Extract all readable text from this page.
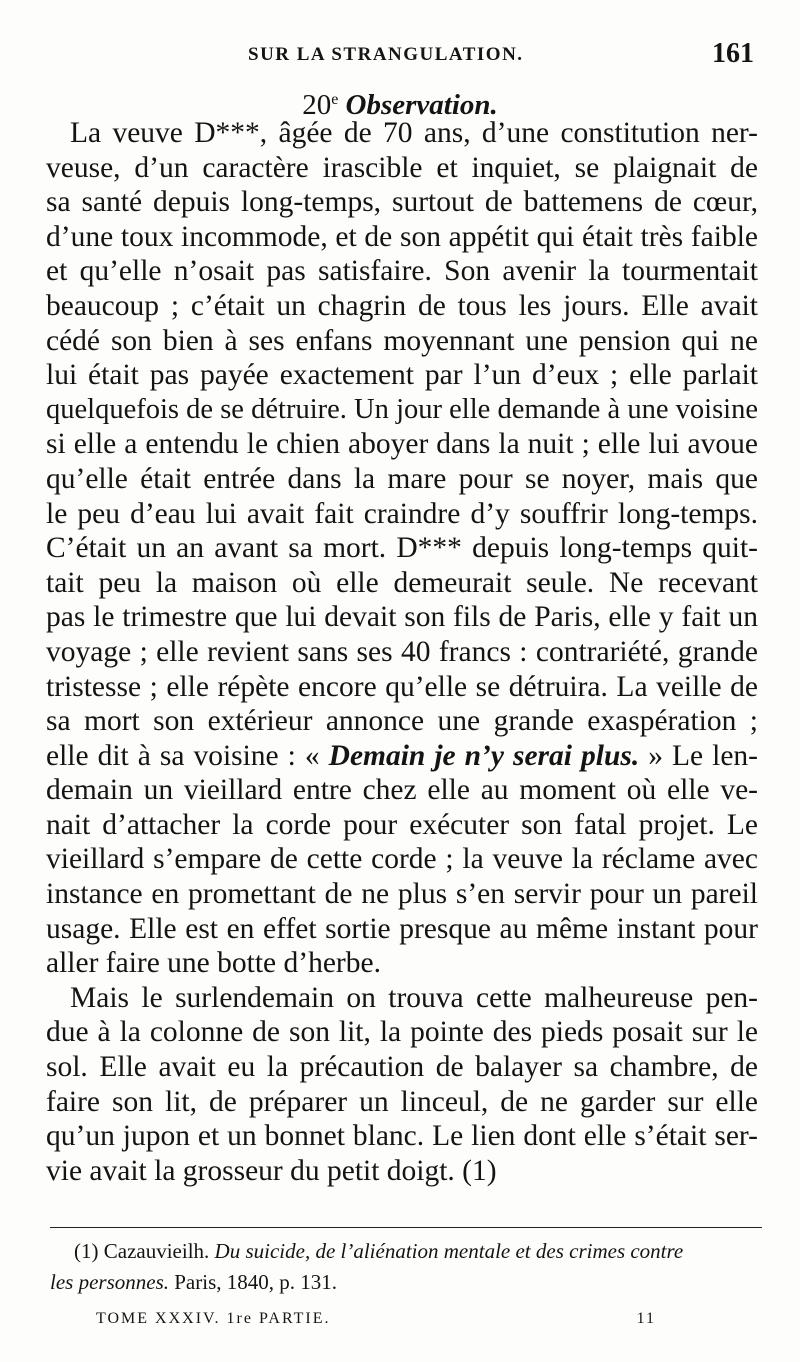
SUR LA STRANGULATION.	161
20e Observation.
La veuve D***, âgée de 70 ans, d’une constitution ner-
veuse, d’un caractère irascible et inquiet, se plaignait de
sa santé depuis long-temps, surtout de battemens de cœur,
d’une toux incommode, et de son appétit qui était très faible
et qu’elle n’osait pas satisfaire. Son avenir la tourmentait
beaucoup ; c’était un chagrin de tous les jours. Elle avait
cédé son bien à ses enfans moyennant une pension qui ne
lui était pas payée exactement par l’un d’eux ; elle parlait
quelquefois de se détruire. Un jour elle demande à une voisine
si elle a entendu le chien aboyer dans la nuit ; elle lui avoue
qu’elle était entrée dans la mare pour se noyer, mais que
le peu d’eau lui avait fait craindre d’y souffrir long-temps.
C’était un an avant sa mort. D*** depuis long-temps quit-
tait peu la maison où elle demeurait seule. Ne recevant
pas le trimestre que lui devait son fils de Paris, elle y fait un
voyage ; elle revient sans ses 40 francs : contrariété, grande
tristesse ; elle répète encore qu’elle se détruira. La veille de
sa mort son extérieur annonce une grande exaspération ;
elle dit à sa voisine : « Demain je n’y serai plus. » Le len-
demain un vieillard entre chez elle au moment où elle ve-
nait d’attacher la corde pour exécuter son fatal projet. Le
vieillard s’empare de cette corde ; la veuve la réclame avec
instance en promettant de ne plus s’en servir pour un pareil
usage. Elle est en effet sortie presque au même instant pour
aller faire une botte d’herbe.
Mais le surlendemain on trouva cette malheureuse pen-
due à la colonne de son lit, la pointe des pieds posait sur le
sol. Elle avait eu la précaution de balayer sa chambre, de
faire son lit, de préparer un linceul, de ne garder sur elle
qu’un jupon et un bonnet blanc. Le lien dont elle s’était ser-
vie avait la grosseur du petit doigt. (1)
(1) Cazauvieilh. Du suicide, de l’aliénation mentale et des crimes contre
les personnes. Paris, 1840, p. 131.
TOME XXXIV. 1re PARTIE.	11
